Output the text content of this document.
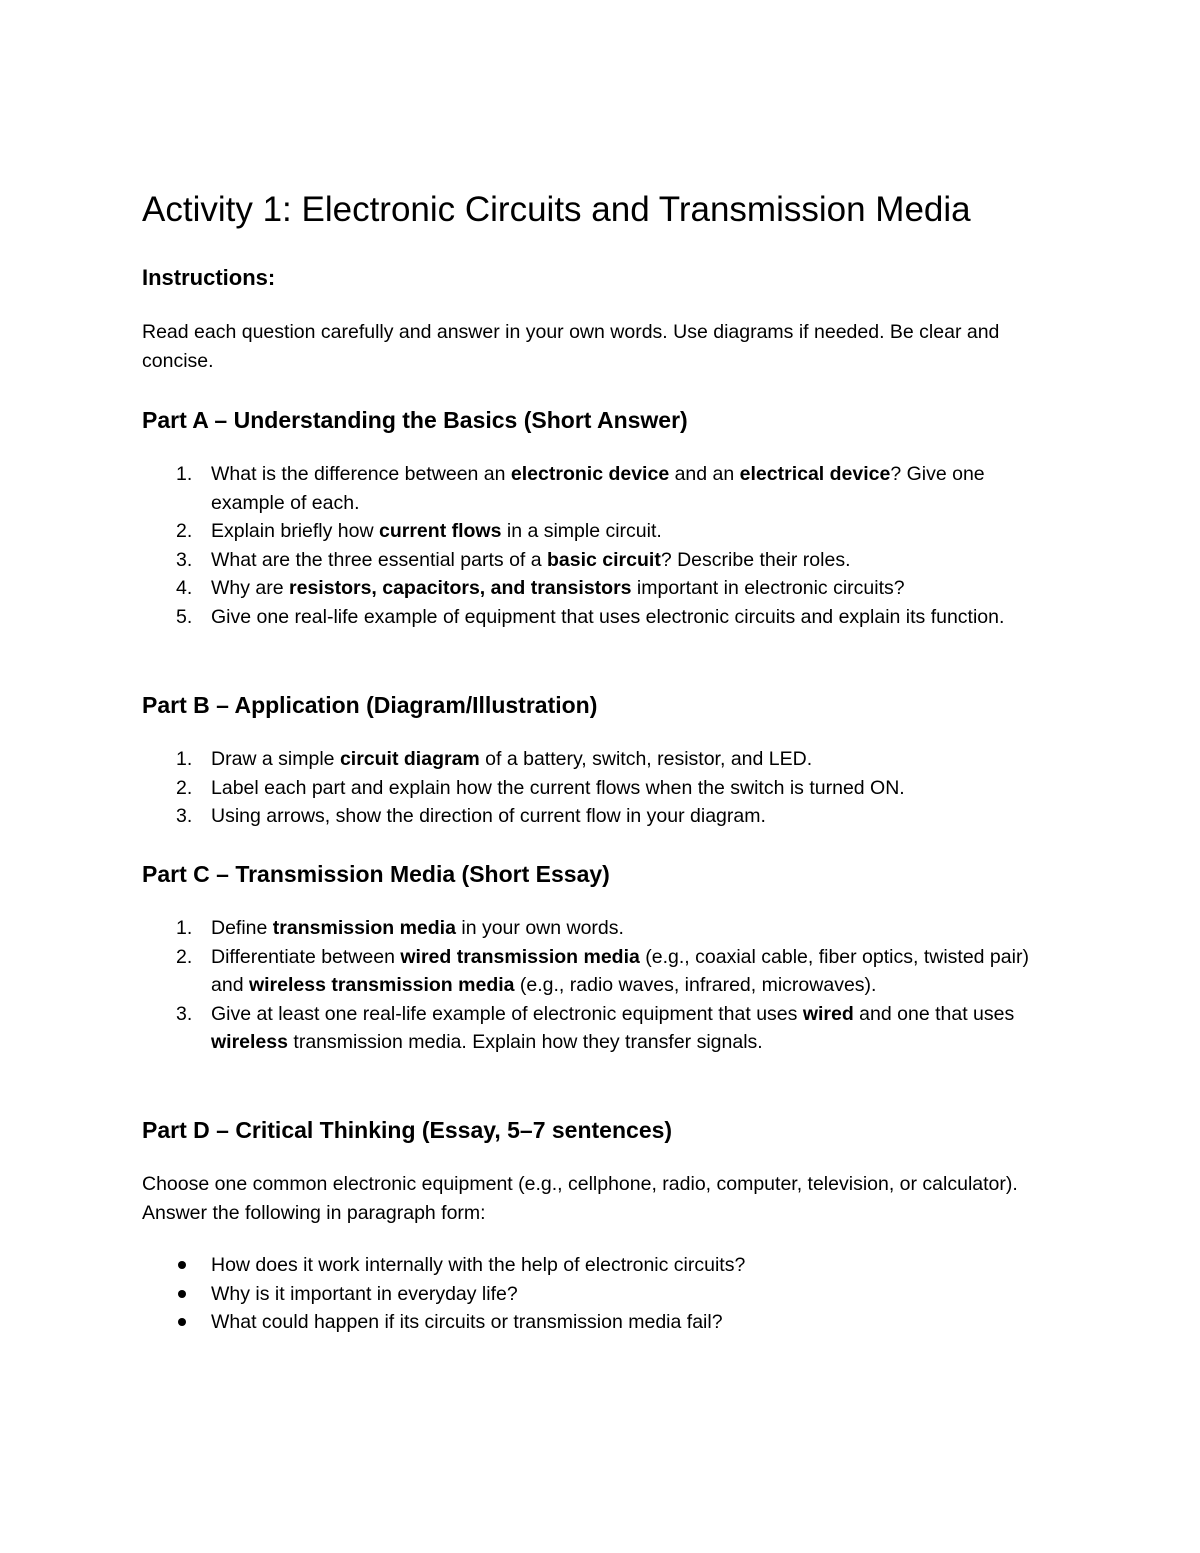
Activity 1: Electronic Circuits and Transmission Media
Instructions:

Read each question carefully and answer in your own words. Use diagrams if needed. Be clear and concise.

Part A – Understanding the Basics (Short Answer)
1. What is the difference between an electronic device and an electrical device? Give one example of each.
2. Explain briefly how current flows in a simple circuit.
3. What are the three essential parts of a basic circuit? Describe their roles.
4. Why are resistors, capacitors, and transistors important in electronic circuits?
5. Give one real-life example of equipment that uses electronic circuits and explain its function.
Part B – Application (Diagram/Illustration)
1. Draw a simple circuit diagram of a battery, switch, resistor, and LED.
2. Label each part and explain how the current flows when the switch is turned ON.
3. Using arrows, show the direction of current flow in your diagram.
Part C – Transmission Media (Short Essay)
1. Define transmission media in your own words.
2. Differentiate between wired transmission media (e.g., coaxial cable, fiber optics, twisted pair) and wireless transmission media (e.g., radio waves, infrared, microwaves).
3. Give at least one real-life example of electronic equipment that uses wired and one that uses wireless transmission media. Explain how they transfer signals.
Part D – Critical Thinking (Essay, 5–7 sentences)

Choose one common electronic equipment (e.g., cellphone, radio, computer, television, or calculator). Answer the following in paragraph form:

How does it work internally with the help of electronic circuits?
Why is it important in everyday life?
What could happen if its circuits or transmission media fail?
